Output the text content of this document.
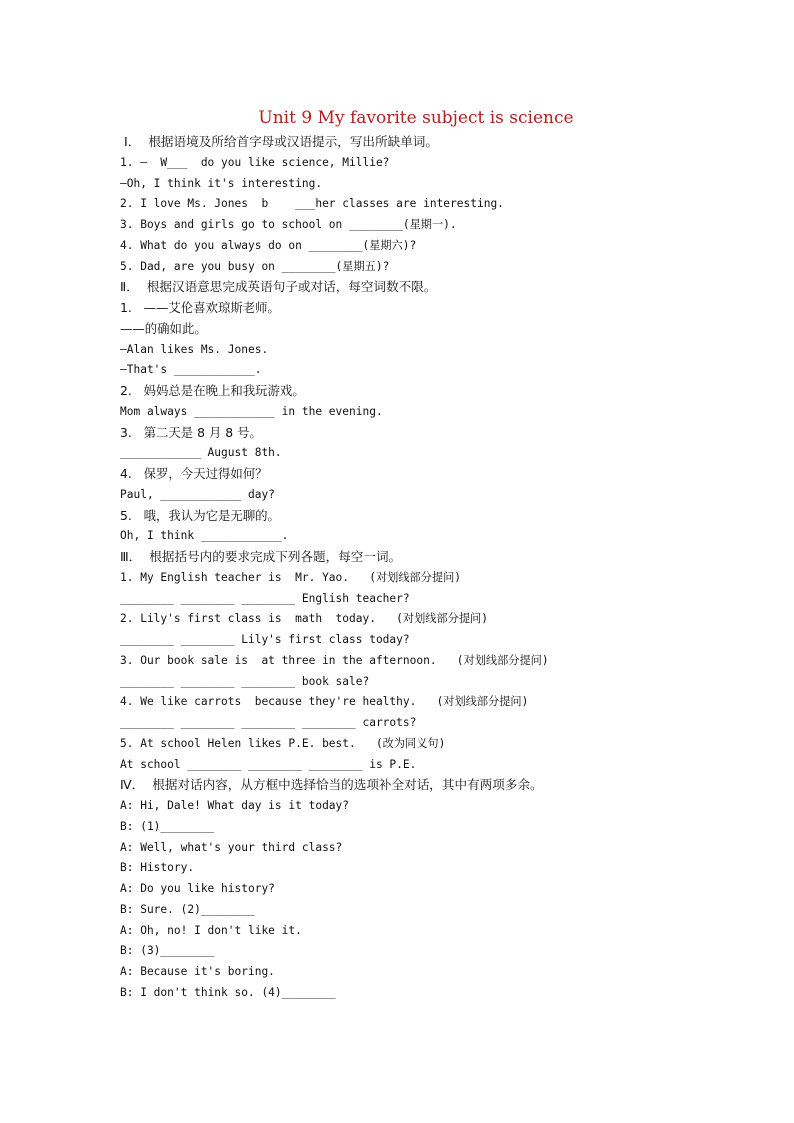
Unit 9 My favorite subject is science
Ⅰ．  根据语境及所给首字母或汉语提示，写出所缺单词。
1. —  W___  do you like science, Millie?
—Oh, I think it's interesting.
2. I love Ms. Jones  b    ___her classes are interesting.
3. Boys and girls go to school on ________(星期一).
4. What do you always do on ________(星期六)?
5. Dad, are you busy on ________(星期五)?
Ⅱ．  根据汉语意思完成英语句子或对话，每空词数不限。
1.   ——艾伦喜欢琼斯老师。
——的确如此。
—Alan likes Ms. Jones.
—That's ____________.
2.   妈妈总是在晚上和我玩游戏。
Mom always ____________ in the evening.
3.   第二天是 8 月 8 号。
____________ August 8th.
4.   保罗，今天过得如何？
Paul, ____________ day?
5.   哦，我认为它是无聊的。
Oh, I think ____________.
Ⅲ．  根据括号内的要求完成下列各题，每空一词。
1. My English teacher is  Mr. Yao.   (对划线部分提问)
________ ________ ________ English teacher?
2. Lily's first class is  math  today.   (对划线部分提问)
________ ________ Lily's first class today?
3. Our book sale is  at three in the afternoon.   (对划线部分提问)
________ ________ ________ book sale?
4. We like carrots  because they're healthy.   (对划线部分提问)
________ ________ ________ ________ carrots?
5. At school Helen likes P.E. best.   (改为同义句)
At school ________ ________ ________ is P.E.
Ⅳ．  根据对话内容，从方框中选择恰当的选项补全对话，其中有两项多余。
A: Hi, Dale! What day is it today?
B: (1)________
A: Well, what's your third class?
B: History.
A: Do you like history?
B: Sure. (2)________
A: Oh, no! I don't like it.
B: (3)________
A: Because it's boring.
B: I don't think so. (4)________
